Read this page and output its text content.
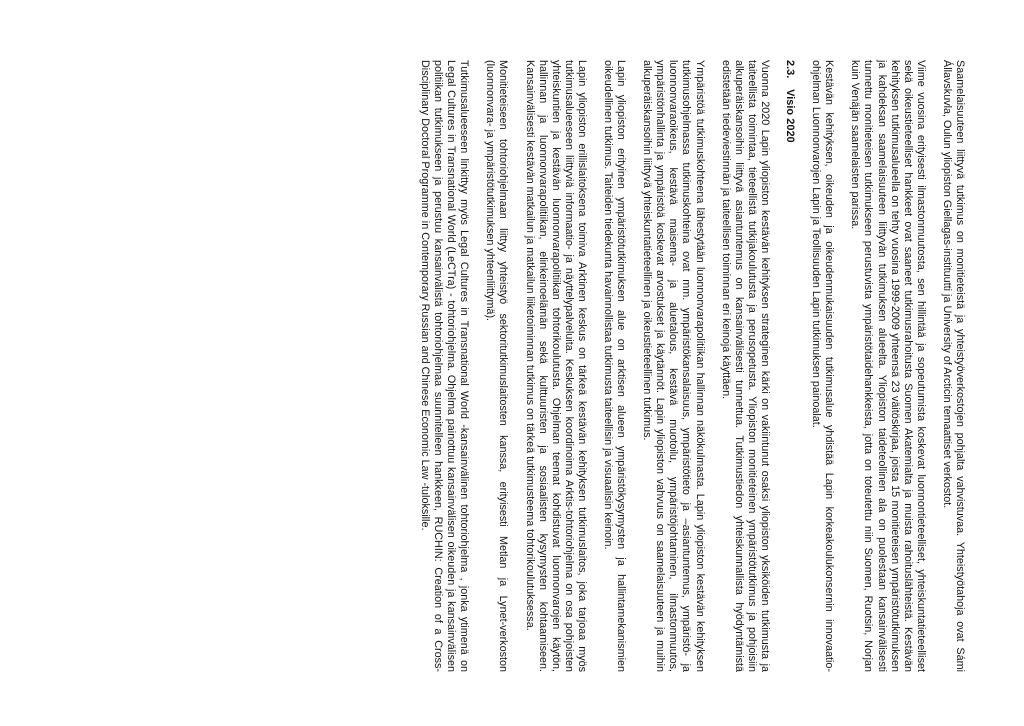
Saamelaisuuteen liittyvä tutkimus on monitieteistä ja yhteistyöverkostojen pohjalta vahvistuvaa. Yhteistyötahoja ovat Sámi Állavskuvla, Oulun yliopiston Giellagas-instituutti ja University of Arcticin temaattiset verkostot.

Viime vuosina erityisesti ilmastonmuutosta, sen hillintää ja sopeutumista koskevat luonnontieteelliset, yhteiskuntatieteelliset sekä oikeustieteelliset hankkeet ovat saaneet tutkimusrahoitusta Suomen Akatemialta ja muista rahoituslähteistä. Kestävän kehityksen tutkimusalueella on tehty vuosina 1999-2009 yhteensä 23 väitöskirjaa, joista 15 monitieteisen ympäristötutkimuksen ja kahdeksan saamelaisuuteen liittyvän tutkimuksen alueelta. Yliopiston taideteollinen ala on puolestaan kansainvälisesti tunnettu monitieteisen tutkimukseen perustuvista ympäristötaidehankkeista, jotta on toteutettu niin Suomen, Ruotsin, Norjan kuin Venäjän saamelaisten parissa.

Kestävän kehityksen, oikeuden ja oikeudenmukaisuuden tutkimusalue yhdistää Lapin korkeakoulukonsernin innovaatio-ohjelman Luonnonvarojen Lapin ja Teollisuuden Lapin tutkimuksen painoalat.

2.3. Visio 2020

Vuonna 2020 Lapin yliopiston kestävän kehityksen strateginen kärki on vakiintunut osaksi yliopiston yksiköiden tutkimusta ja taiteellista toimintaa, tieteellistä tutkijakoulutusta ja perusopetusta. Yliopiston monitieteinen ympäristötutkimus ja pohjoisiin alkuperäiskansoihin liittyvä asiantuntemus on kansainvälisesti tunnettua. Tutkimustiedon yhteiskunnallista hyödyntämistä edistetään tiedeviestinnän ja taiteellisen toiminnan eri keinoja käyttäen.

Ympäristöä tutkimuskohteena lähestytään luonnonvarapolitiikan hallinnan näkökulmasta. Lapin yliopiston kestävän kehityksen tutkimusohjelmassa tutkimuskohteina ovat mm. ympäristökansalaisuus, ympäristötieto ja –asiantuntemus, ympäristö- ja luonnonvaraoikeus, kestävä maisema- ja aluetalous, kestävä muotoilu, ympäristöjohtaminen, ilmastonmuutos, ympäristönhallinta ja ympäristöä koskevat arvostukset ja käytännöt. Lapin yliopiston vahvuus on saamelaisuuteen ja muihin alkuperäiskansoihin liittyvä yhteiskuntatieteellinen ja oikeustieteellinen tutkimus.

Lapin yliopiston erityinen ympäristötutkimuksen alue on arktisen alueen ympäristökysymysten ja hallintamekanismien oikeudellinen tutkimus. Taiteiden tiedekunta havainnollistaa tutkimusta taiteellisin ja visuaalisin keinoin.

Lapin yliopiston erillislaitoksena toimiva Arktinen keskus on tärkeä kestävän kehityksen tutkimuslaitos, joka tarjoaa myös tutkimusalueeseen liittyviä informaatio- ja näyttelypalveluita. Keskuksen koordinoima Arktis-tohtoriohjelma on osa pohjoisten yhteiskuntien ja kestävän luonnonvarapolitiikan tohtorikoulutusta. Ohjelman teemat kohdistuvat luonnonvarojen käytön, hallinnan ja luonnonvarapolitiikan, elinkeinoelämän sekä kulttuuristen ja sosiaalisten kysymysten kohtaamiseen. Kansainvälisesti kestävän matkailun ja matkailun liiketoiminnan tutkimus on tärkeä tutkimusteema tohtorikoulutuksessa.

Monitieteiseen tohtoriohjelmaan liittyy yhteistyö sektoritutkimuslaitosten kanssa, erityisesti Metlan ja Lynet-verkoston (luonnonvara- ja ympäristötutkimuksen yhteenliittymä).

Tutkimusalueeseen linkittyy myös Legal Cultures in Transnational World -kansainvälinen tohtoriohjelma , jonka ytimenä on Legal Cultures in Transnational World (LeCTra) - tohtoriohjelma. Ohjelma painottuu kansainvälisen oikeuden ja kansainvälisen politiikan tutkimukseen ja perustuu kansainvälistä tohtoriohjelmaa suunnitelleen hankkeen, RUCHIN: Creation of a Cross-Disciplinary Doctoral Programme in Contemporary Russian and Chinese Economic Law -tuloksille.
